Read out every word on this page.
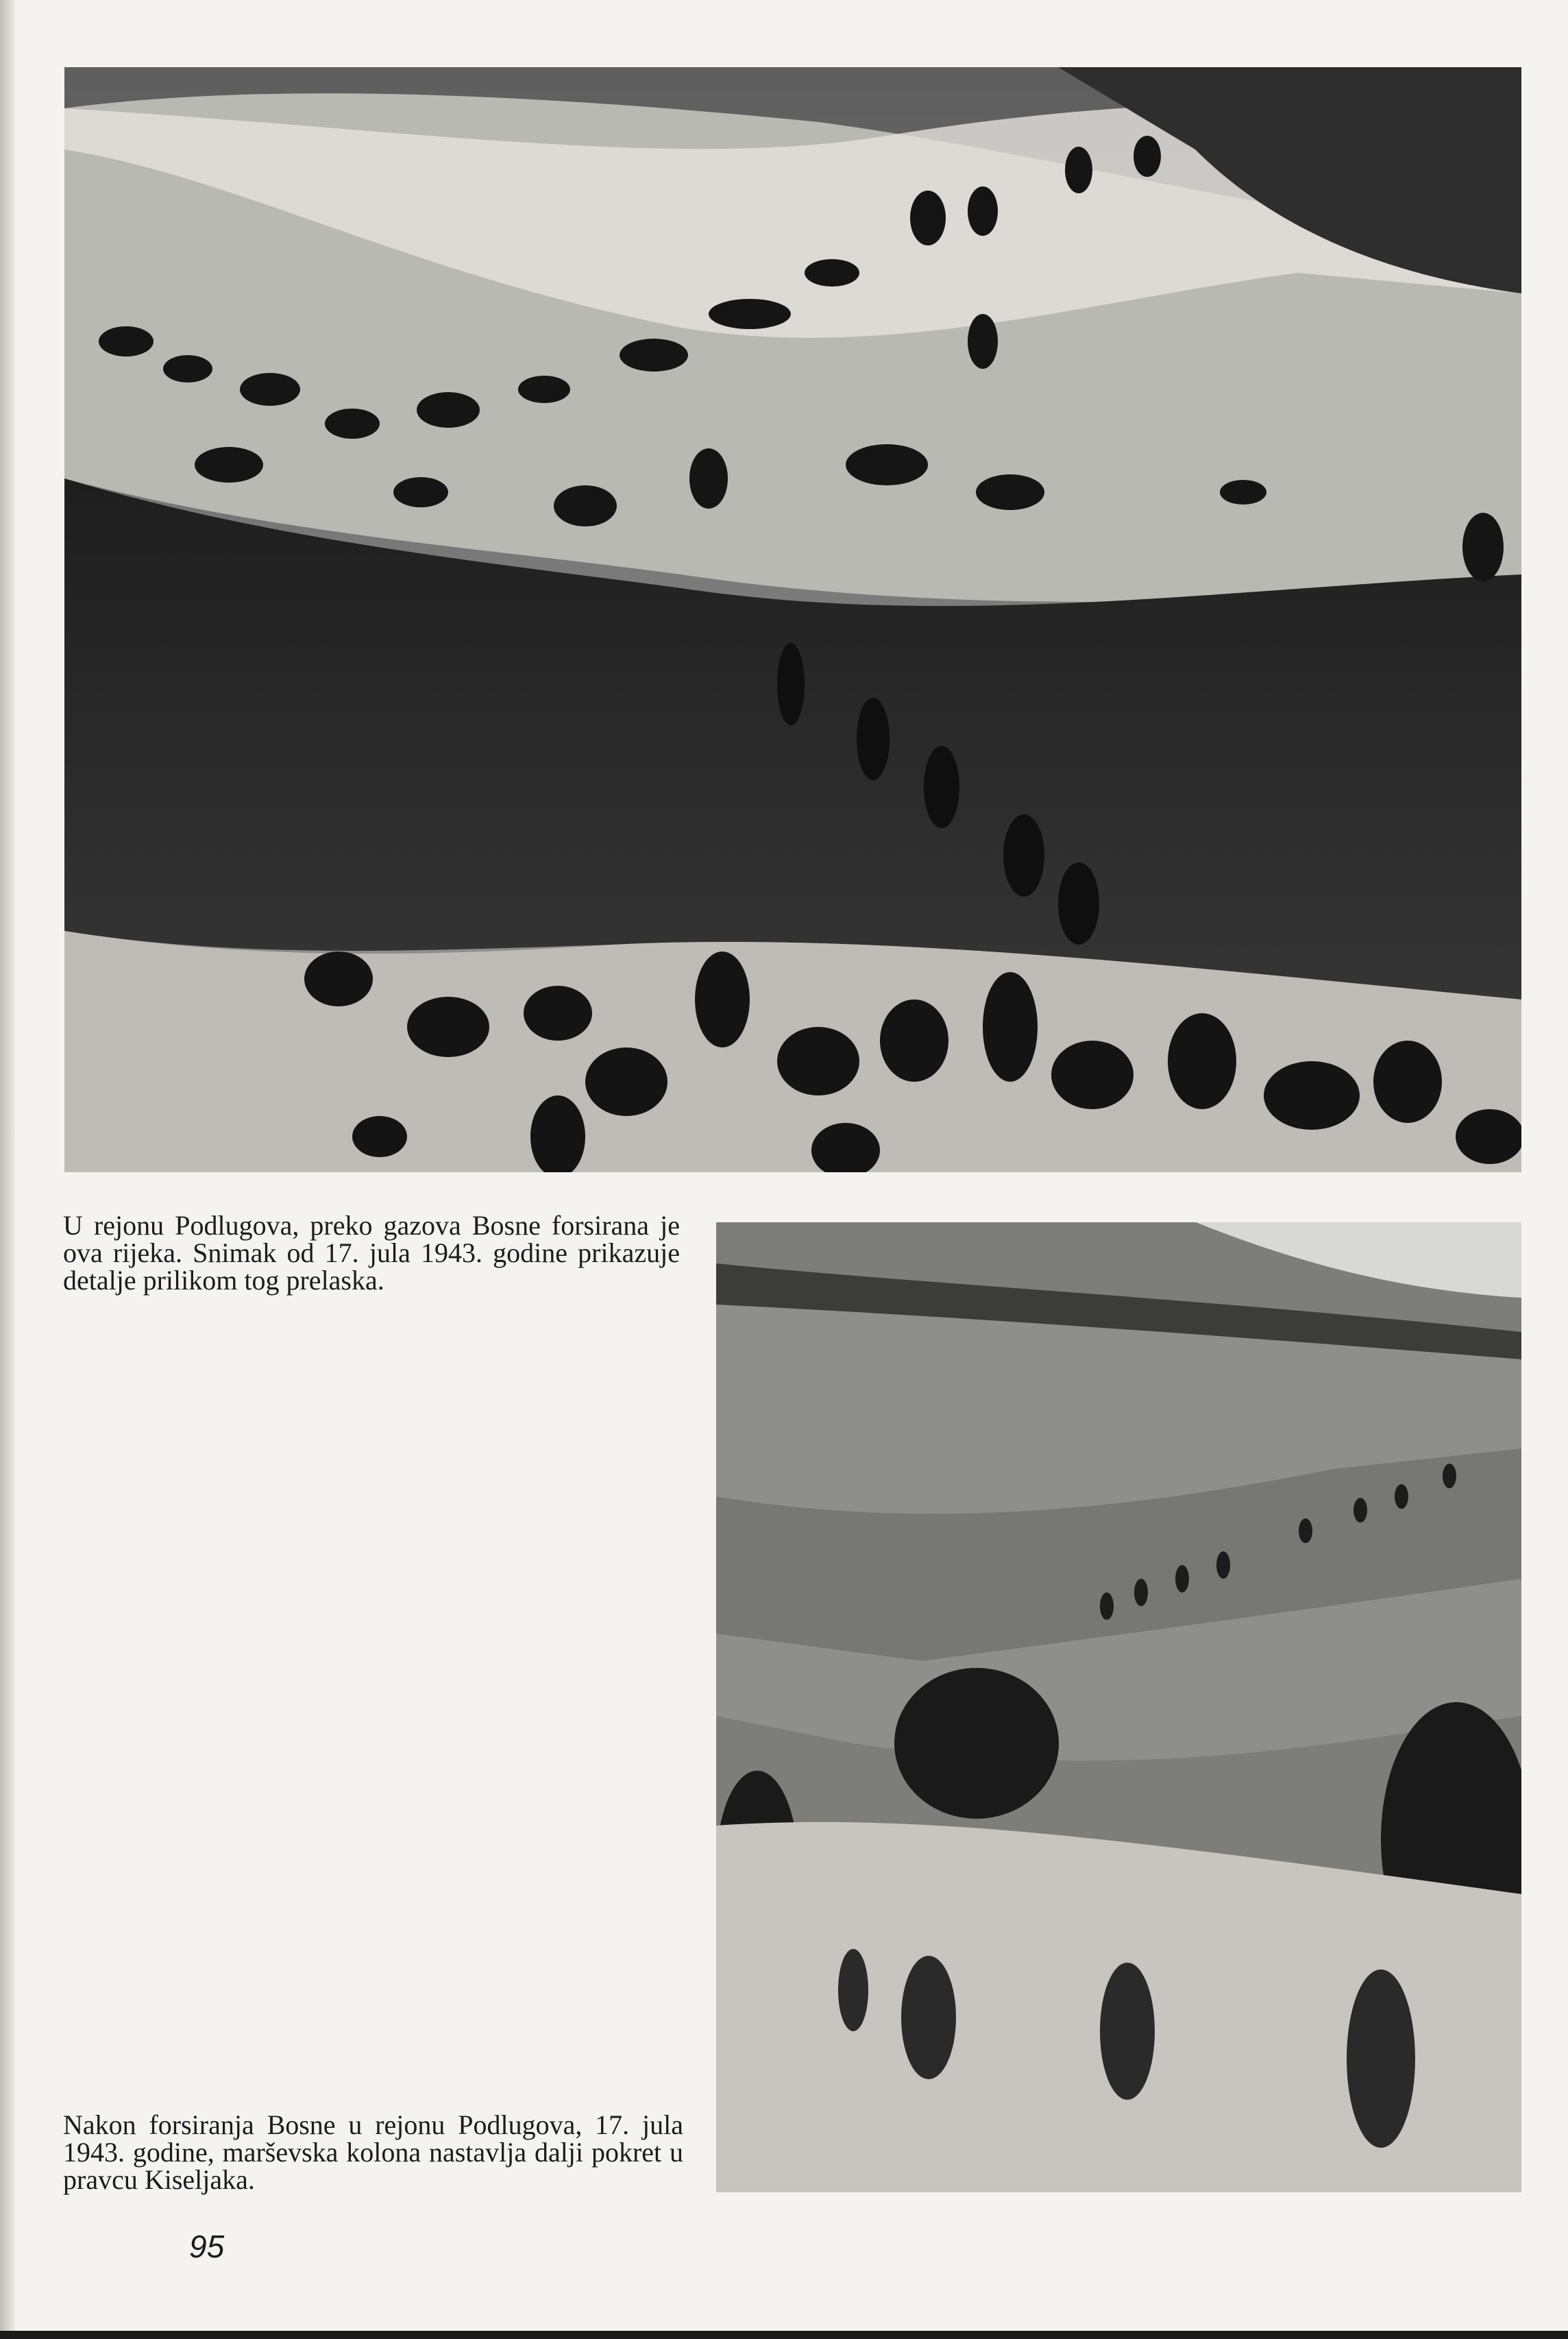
U rejonu Podlugova, preko gazova Bosne forsirana je ova rijeka. Snimak od 17. jula 1943. godine prikazuje detalje prilikom tog prelaska.

Nakon forsiranja Bosne u rejonu Podlugova, 17. jula 1943. godine, marševska kolona nastavlja dalji pokret u pravcu Kiseljaka.

95
